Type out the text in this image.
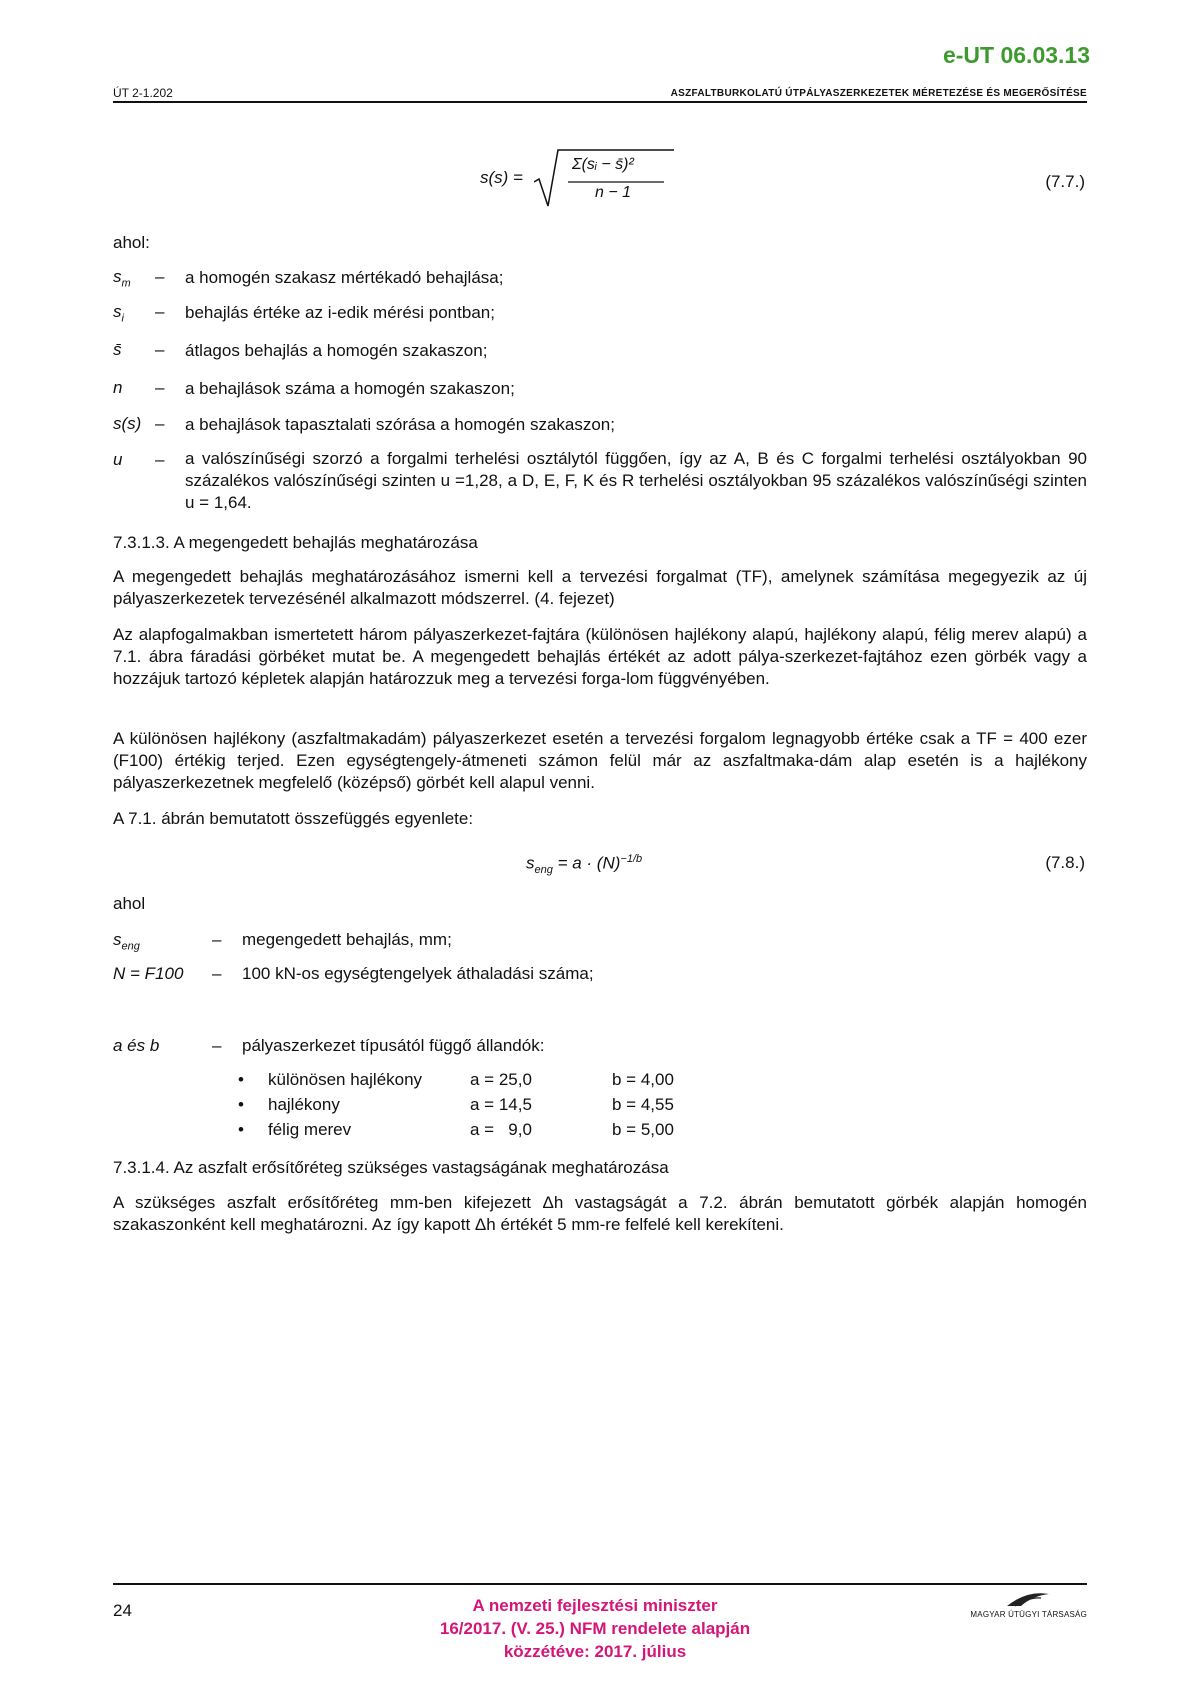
e-UT 06.03.13
ÚT 2-1.202	ASZFALTBURKOLATÚ ÚTPÁLYASZERKEZETEK MÉRETEZÉSE ÉS MEGERŐSÍTÉSE
s(s) =
Σ(sᵢ − s̄)²
n − 1
(7.7.)
ahol:
$s_m$ – a homogén szakasz mértékadó behajlása;
$s_i$ – behajlás értéke az i-edik mérési pontban;
s̄ – átlagos behajlás a homogén szakaszon;
n – a behajlások száma a homogén szakaszon;
s(s) – a behajlások tapasztalati szórása a homogén szakaszon;
u – a valószínűségi szorzó a forgalmi terhelési osztálytól függően, így az A, B és C forgalmi terhelési osztályokban 90 százalékos valószínűségi szinten u =1,28, a D, E, F, K és R terhelési osztályokban 95 százalékos valószínűségi szinten u = 1,64.
7.3.1.3. A megengedett behajlás meghatározása
A megengedett behajlás meghatározásához ismerni kell a tervezési forgalmat (TF), amelynek számítása megegyezik az új pályaszerkezetek tervezésénél alkalmazott módszerrel. (4. fejezet)
Az alapfogalmakban ismertetett három pályaszerkezet-fajtára (különösen hajlékony alapú, hajlékony alapú, félig merev alapú) a 7.1. ábra fáradási görbéket mutat be. A megengedett behajlás értékét az adott pálya-szerkezet-fajtához ezen görbék vagy a hozzájuk tartozó képletek alapján határozzuk meg a tervezési forga-lom függvényében.
A különösen hajlékony (aszfaltmakadám) pályaszerkezet esetén a tervezési forgalom legnagyobb értéke csak a TF = 400 ezer (F100) értékig terjed. Ezen egységtengely-átmeneti számon felül már az aszfaltmaka-dám alap esetén is a hajlékony pályaszerkezetnek megfelelő (középső) görbét kell alapul venni.
A 7.1. ábrán bemutatott összefüggés egyenlete:
$s_{eng} = a \cdot (N)^{-1/b}$	(7.8.)
ahol
$s_{eng}$	– megengedett behajlás, mm;
N = F100 – 100 kN-os egységtengelyek áthaladási száma;
a és b	– pályaszerkezet típusától függő állandók:
• különösen hajlékony	a = 25,0	b = 4,00
• hajlékony	a = 14,5	b = 4,55
• félig merev	a =   9,0	b = 5,00
7.3.1.4. Az aszfalt erősítőréteg szükséges vastagságának meghatározása
A szükséges aszfalt erősítőréteg mm-ben kifejezett Δh vastagságát a 7.2. ábrán bemutatott görbék alapján homogén szakaszonként kell meghatározni. Az így kapott Δh értékét 5 mm-re felfelé kell kerekíteni.
24	A nemzeti fejlesztési miniszter
16/2017. (V. 25.) NFM rendelete alapján
közzétéve: 2017. július
MAGYAR ÚTÜGYI TÁRSASÁG
